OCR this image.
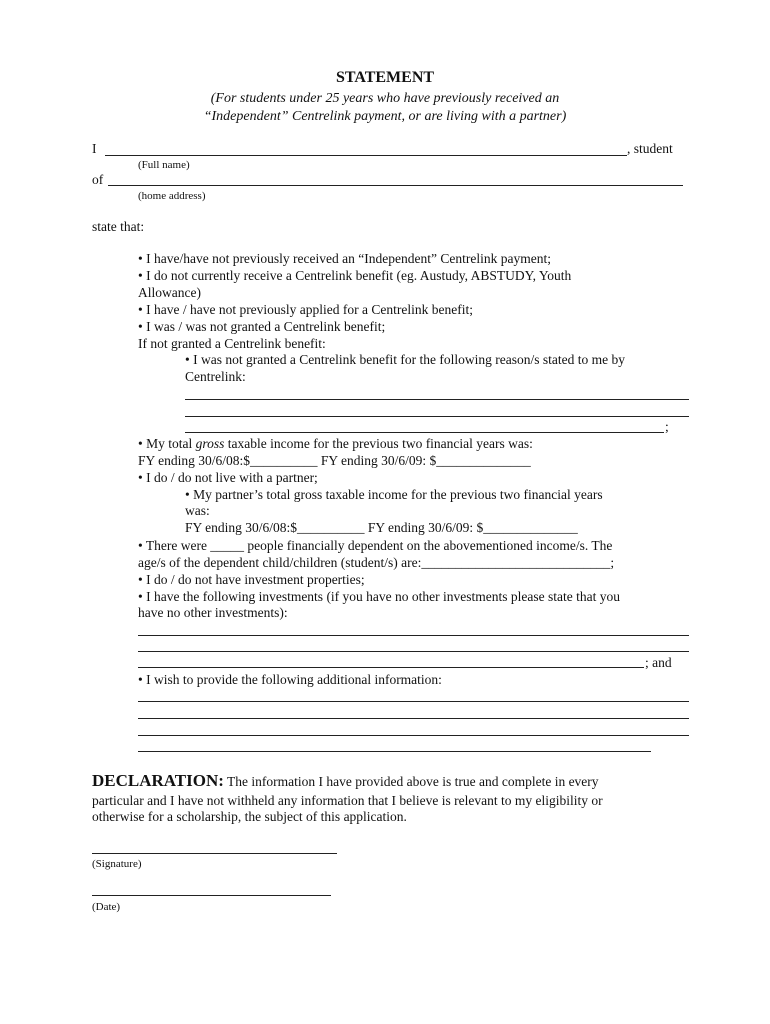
STATEMENT
(For students under 25 years who have previously received an
“Independent” Centrelink payment, or are living with a partner)
I	, student
(Full name)
of
(home address)
state that:
• I have/have not previously received an “Independent” Centrelink payment;
• I do not currently receive a Centrelink benefit (eg. Austudy, ABSTUDY, Youth
Allowance)
• I have / have not previously applied for a Centrelink benefit;
• I was / was not granted a Centrelink benefit;
If not granted a Centrelink benefit:
• I was not granted a Centrelink benefit for the following reason/s stated to me by
Centrelink:
;
• My total gross taxable income for the previous two financial years was:
FY ending 30/6/08:$__________ FY ending 30/6/09: $______________
• I do / do not live with a partner;
• My partner’s total gross taxable income for the previous two financial years
was:
FY ending 30/6/08:$__________ FY ending 30/6/09: $______________
• There were _____ people financially dependent on the abovementioned income/s. The
age/s of the dependent child/children (student/s) are:____________________________;
• I do / do not have investment properties;
• I have the following investments (if you have no other investments please state that you
have no other investments):
; and
• I wish to provide the following additional information:
DECLARATION: The information I have provided above is true and complete in every
particular and I have not withheld any information that I believe is relevant to my eligibility or
otherwise for a scholarship, the subject of this application.
(Signature)
(Date)
